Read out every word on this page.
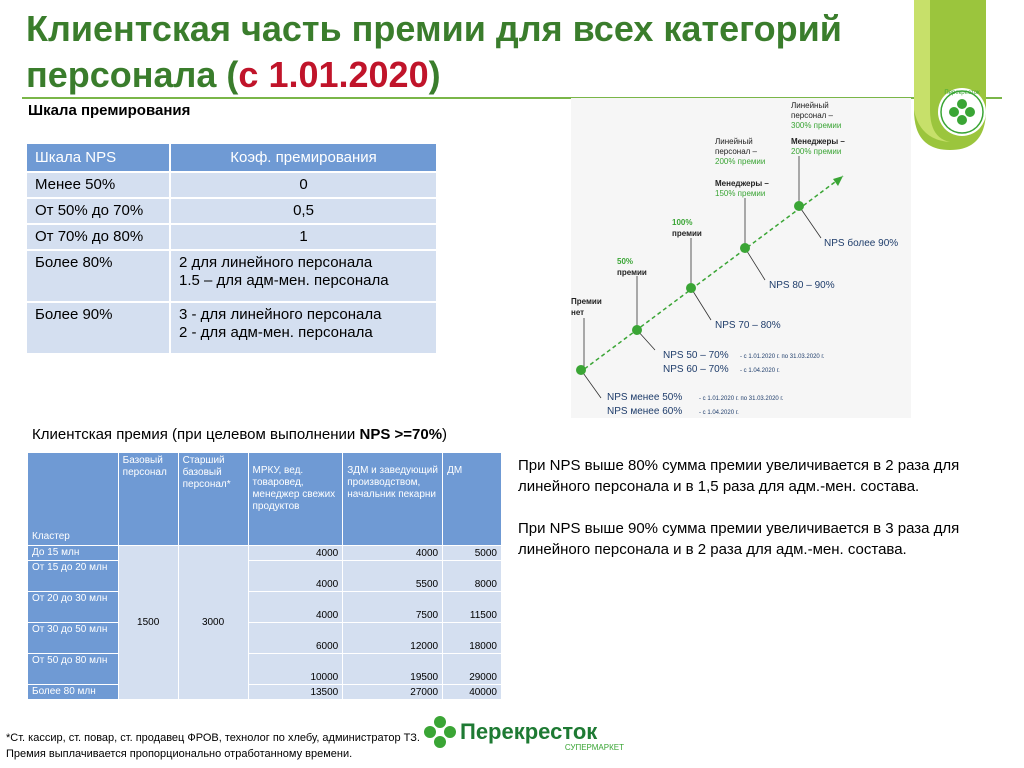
Клиентская часть премии для всех категорий
персонала (с 1.01.2020)	Перекресток
Шкала премирования
Шкала NPS	Коэф. премирования
Менее 50%	0
От 50% до 70%	0,5
От 70% до 80%	1
Более 80%	2 для линейного персонала
1.5 – для адм-мен. персонала

Более 90%	3 - для линейного персонала
2 - для адм-мен. персонала
Премии
нет
50%
премии
100%
премии
Линейный
персонал –
200% премии
Менеджеры –
150% премии
Линейный
персонал –
300% премии
Менеджеры –
200% премии
NPS менее 50%
NPS менее 60%
- с 1.01.2020 г. по 31.03.2020 г.
- с 1.04.2020 г.
NPS 50 – 70%
NPS 60 – 70%
- с 1.01.2020 г. по 31.03.2020 г.
- с 1.04.2020 г.
NPS 70 – 80%
NPS 80 – 90%
NPS более 90%
Клиентская премия (при целевом выполнении NPS >=70%)
Кластер	Базовый персонал	Старший базовый персонал*	МРКУ, вед. товаровед, менеджер свежих продуктов	ЗДМ и заведующий производством, начальник пекарни	ДМ
До 15 млн	1500	3000	4000	4000	5000
От 15 до 20 млн			4000	5500	8000
От 20 до 30 млн			4000	7500	11500
От 30 до 50 млн			6000	12000	18000
От 50 до 80 млн			10000	19500	29000
Более 80 млн			13500	27000	40000

При NPS выше 80% сумма премии увеличивается в 2 раза для линейного персонала и в 1,5 раза для адм.-мен. состава.

При NPS выше 90% сумма премии увеличивается в 3 раза для линейного персонала и в 2 раза для адм.-мен. состава.

*Ст. кассир, ст. повар, ст. продавец ФРОВ, технолог по хлебу, администратор ТЗ.
Премия выплачивается пропорционально отработанному времени.
Перекресток
СУПЕРМАРКЕТ
